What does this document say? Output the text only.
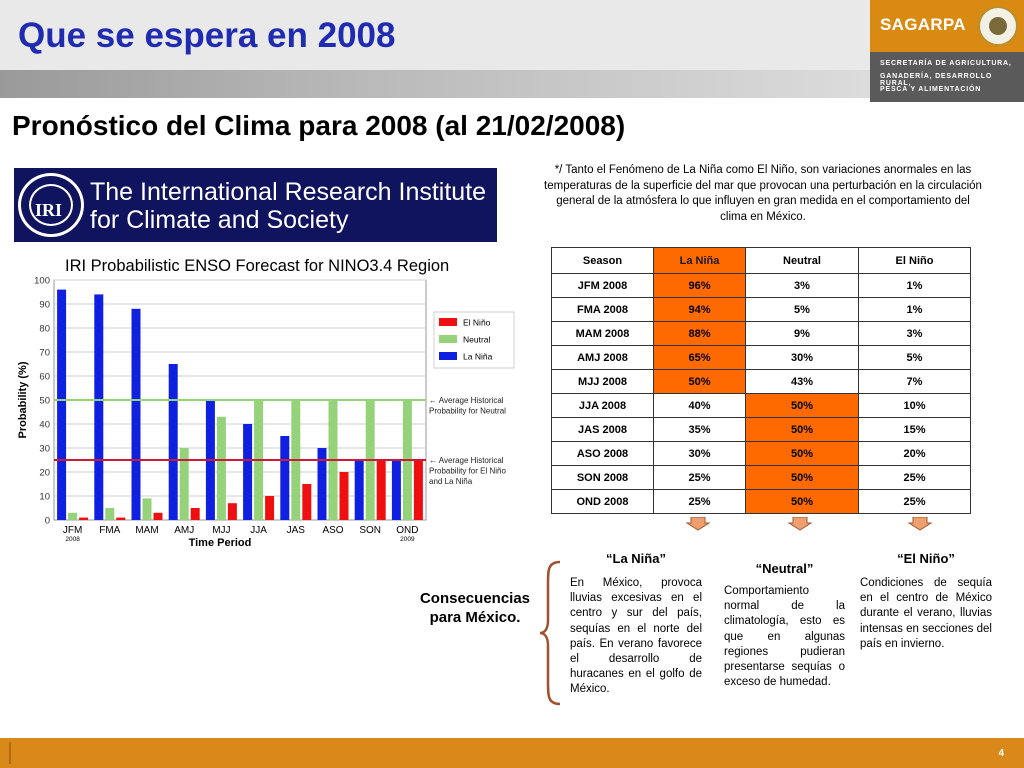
Que se espera en 2008	SAGARPA
SECRETARÍA DE AGRICULTURA,
GANADERÍA, DESARROLLO RURAL,
PESCA Y ALIMENTACIÓN
Pronóstico del Clima para 2008 (al 21/02/2008)
IRI
The International Research Institute
for Climate and Society
IRI Probabilistic ENSO Forecast for NINO3.4 Region
0
10
20
30
40
50
60
70
80
90
100
Probability (%)
JFM
2008
FMA MAM AMJ MJJ JJA JAS ASO SON OND
2009
← Average Historical
Probability for Neutral
← Average Historical
Probability for El Niño
and La Niña
Time Period
El Niño
Neutral
La Niña
*/ Tanto el Fenómeno de La Niña como El Niño, son variaciones anormales en las temperaturas de la superficie del mar que provocan una perturbación en la circulación general de la atmósfera lo que influyen en gran medida en el comportamiento del clima en México.
Season	La Niña	Neutral	El Niño
JFM 2008	96%	3%	1%
FMA 2008	94%	5%	1%
MAM 2008	88%	9%	3%
AMJ 2008	65%	30%	5%
MJJ 2008	50%	43%	7%
JJA 2008	40%	50%	10%
JAS 2008	35%	50%	15%
ASO 2008	30%	50%	20%
SON 2008	25%	50%	25%
OND 2008	25%	50%	25%
Consecuencias para México.
“La Niña”
En México, provoca lluvias excesivas en el centro y sur del país, sequías en el norte del país. En verano favorece el desarrollo de huracanes en el golfo de México.
“Neutral”
Comportamiento normal de la climatología, esto es que en algunas regiones pudieran presentarse sequías o exceso de humedad.
“El Niño”
Condiciones de sequía en el centro de México durante el verano, lluvias intensas en secciones del país en invierno.
4
